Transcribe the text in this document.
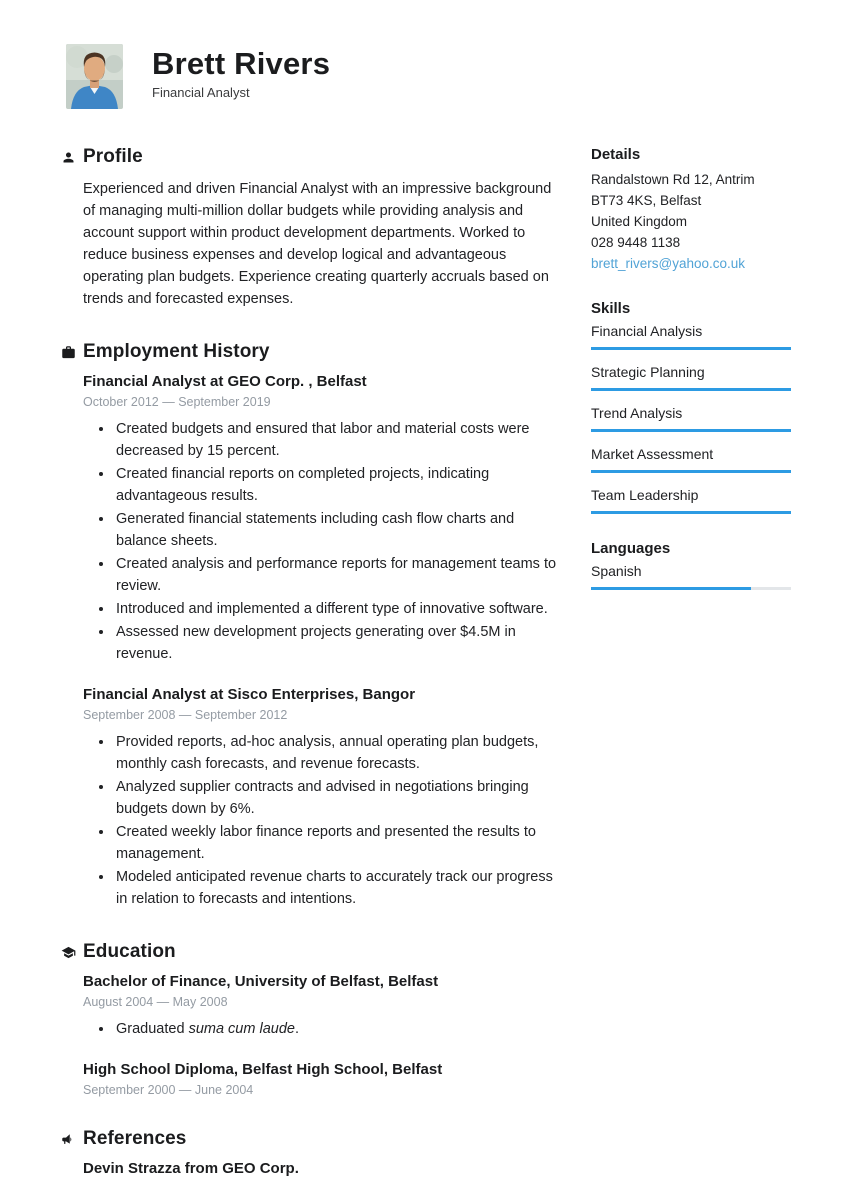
Brett Rivers
Financial Analyst
Profile

Experienced and driven Financial Analyst with an impressive background of managing multi-million dollar budgets while providing analysis and account support within product development departments. Worked to reduce business expenses and develop logical and advantageous operating plan budgets. Experience creating quarterly accruals based on trends and forecasted expenses.

Employment History
Financial Analyst at GEO Corp. , Belfast
October 2012 — September 2019
• Created budgets and ensured that labor and material costs were decreased by 15 percent.
• Created financial reports on completed projects, indicating advantageous results.
• Generated financial statements including cash flow charts and balance sheets.
• Created analysis and performance reports for management teams to review.
• Introduced and implemented a different type of innovative software.
• Assessed new development projects generating over $4.5M in revenue.
Financial Analyst at Sisco Enterprises, Bangor
September 2008 — September 2012
• Provided reports, ad-hoc analysis, annual operating plan budgets, monthly cash forecasts, and revenue forecasts.
• Analyzed supplier contracts and advised in negotiations bringing budgets down by 6%.
• Created weekly labor finance reports and presented the results to management.
• Modeled anticipated revenue charts to accurately track our progress in relation to forecasts and intentions.
Education
Bachelor of Finance, University of Belfast, Belfast
August 2004 — May 2008
• Graduated suma cum laude.
High School Diploma, Belfast High School, Belfast
September 2000 — June 2004
References
Devin Strazza from GEO Corp.
Details
Randalstown Rd 12, Antrim
BT73 4KS, Belfast
United Kingdom
028 9448 1138
brett_rivers@yahoo.co.uk
Skills
Financial Analysis
Strategic Planning
Trend Analysis
Market Assessment
Team Leadership
Languages
Spanish
